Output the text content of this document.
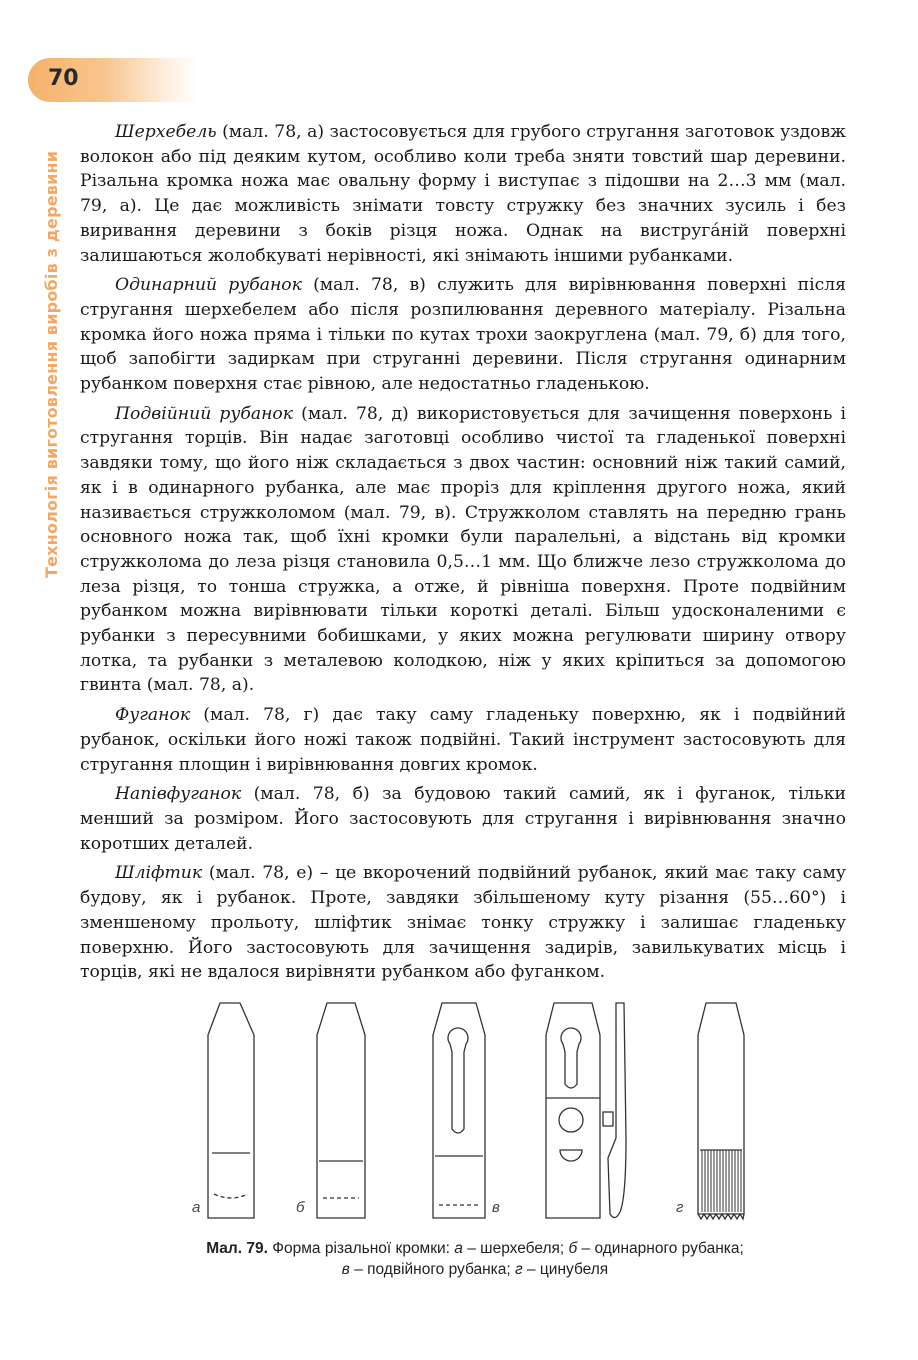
70
Технологія виготовлення виробів з деревини

Шерхебель (мал. 78, а) застосовується для грубого стругання заготовок уздовж волокон або під деяким кутом, особливо коли треба зняти товстий шар деревини. Різальна кромка ножа має овальну форму і виступає з підошви на 2…3 мм (мал. 79, а). Це дає можливість знімати товсту стружку без значних зусиль і без виривання деревини з боків різця ножа. Однак на вистругáній поверхні залишаються жолобкуваті нерівності, які знімають іншими рубанками.

Одинарний рубанок (мал. 78, в) служить для вирівнювання поверхні після стругання шерхебелем або після розпилювання деревного матеріалу. Різальна кромка його ножа пряма і тільки по кутах трохи заокруглена (мал. 79, б) для того, щоб запобігти задиркам при струганні деревини. Після стругання одинарним рубанком поверхня стає рівною, але недостатньо гладенькою.

Подвійний рубанок (мал. 78, д) використовується для зачищення поверхонь і стругання торців. Він надає заготовці особливо чистої та гладенької поверхні завдяки тому, що його ніж складається з двох частин: основний ніж такий самий, як і в одинарного рубанка, але має проріз для кріплення другого ножа, який називається стружколомом (мал. 79, в). Стружколом ставлять на передню грань основного ножа так, щоб їхні кромки були паралельні, а відстань від кромки стружколома до леза різця становила 0,5…1 мм. Що ближче лезо стружколома до леза різця, то тонша стружка, а отже, й рівніша поверхня. Проте подвійним рубанком можна вирівнювати тільки короткі деталі. Більш удосконаленими є рубанки з пересувними бобишками, у яких можна регулювати ширину отвору лотка, та рубанки з металевою колодкою, ніж у яких кріпиться за допомогою гвинта (мал. 78, а).

Фуганок (мал. 78, г) дає таку саму гладеньку поверхню, як і подвійний рубанок, оскільки його ножі також подвійні. Такий інструмент застосовують для стругання площин і вирівнювання довгих кромок.

Напівфуганок (мал. 78, б) за будовою такий самий, як і фуганок, тільки менший за розміром. Його застосовують для стругання і вирівнювання значно коротших деталей.

Шліфтик (мал. 78, е) – це вкорочений подвійний рубанок, який має таку саму будову, як і рубанок. Проте, завдяки збільшеному куту різання (55…60°) і зменшеному прольоту, шліфтик знімає тонку стружку і залишає гладеньку поверхню. Його застосовують для зачищення задирів, завилькуватих місць і торців, які не вдалося вирівняти рубанком або фуганком.

а	б	в	г
Мал. 79. Форма різальної кромки: а – шерхебеля; б – одинарного рубанка;
в – подвійного рубанка; г – цинубеля
